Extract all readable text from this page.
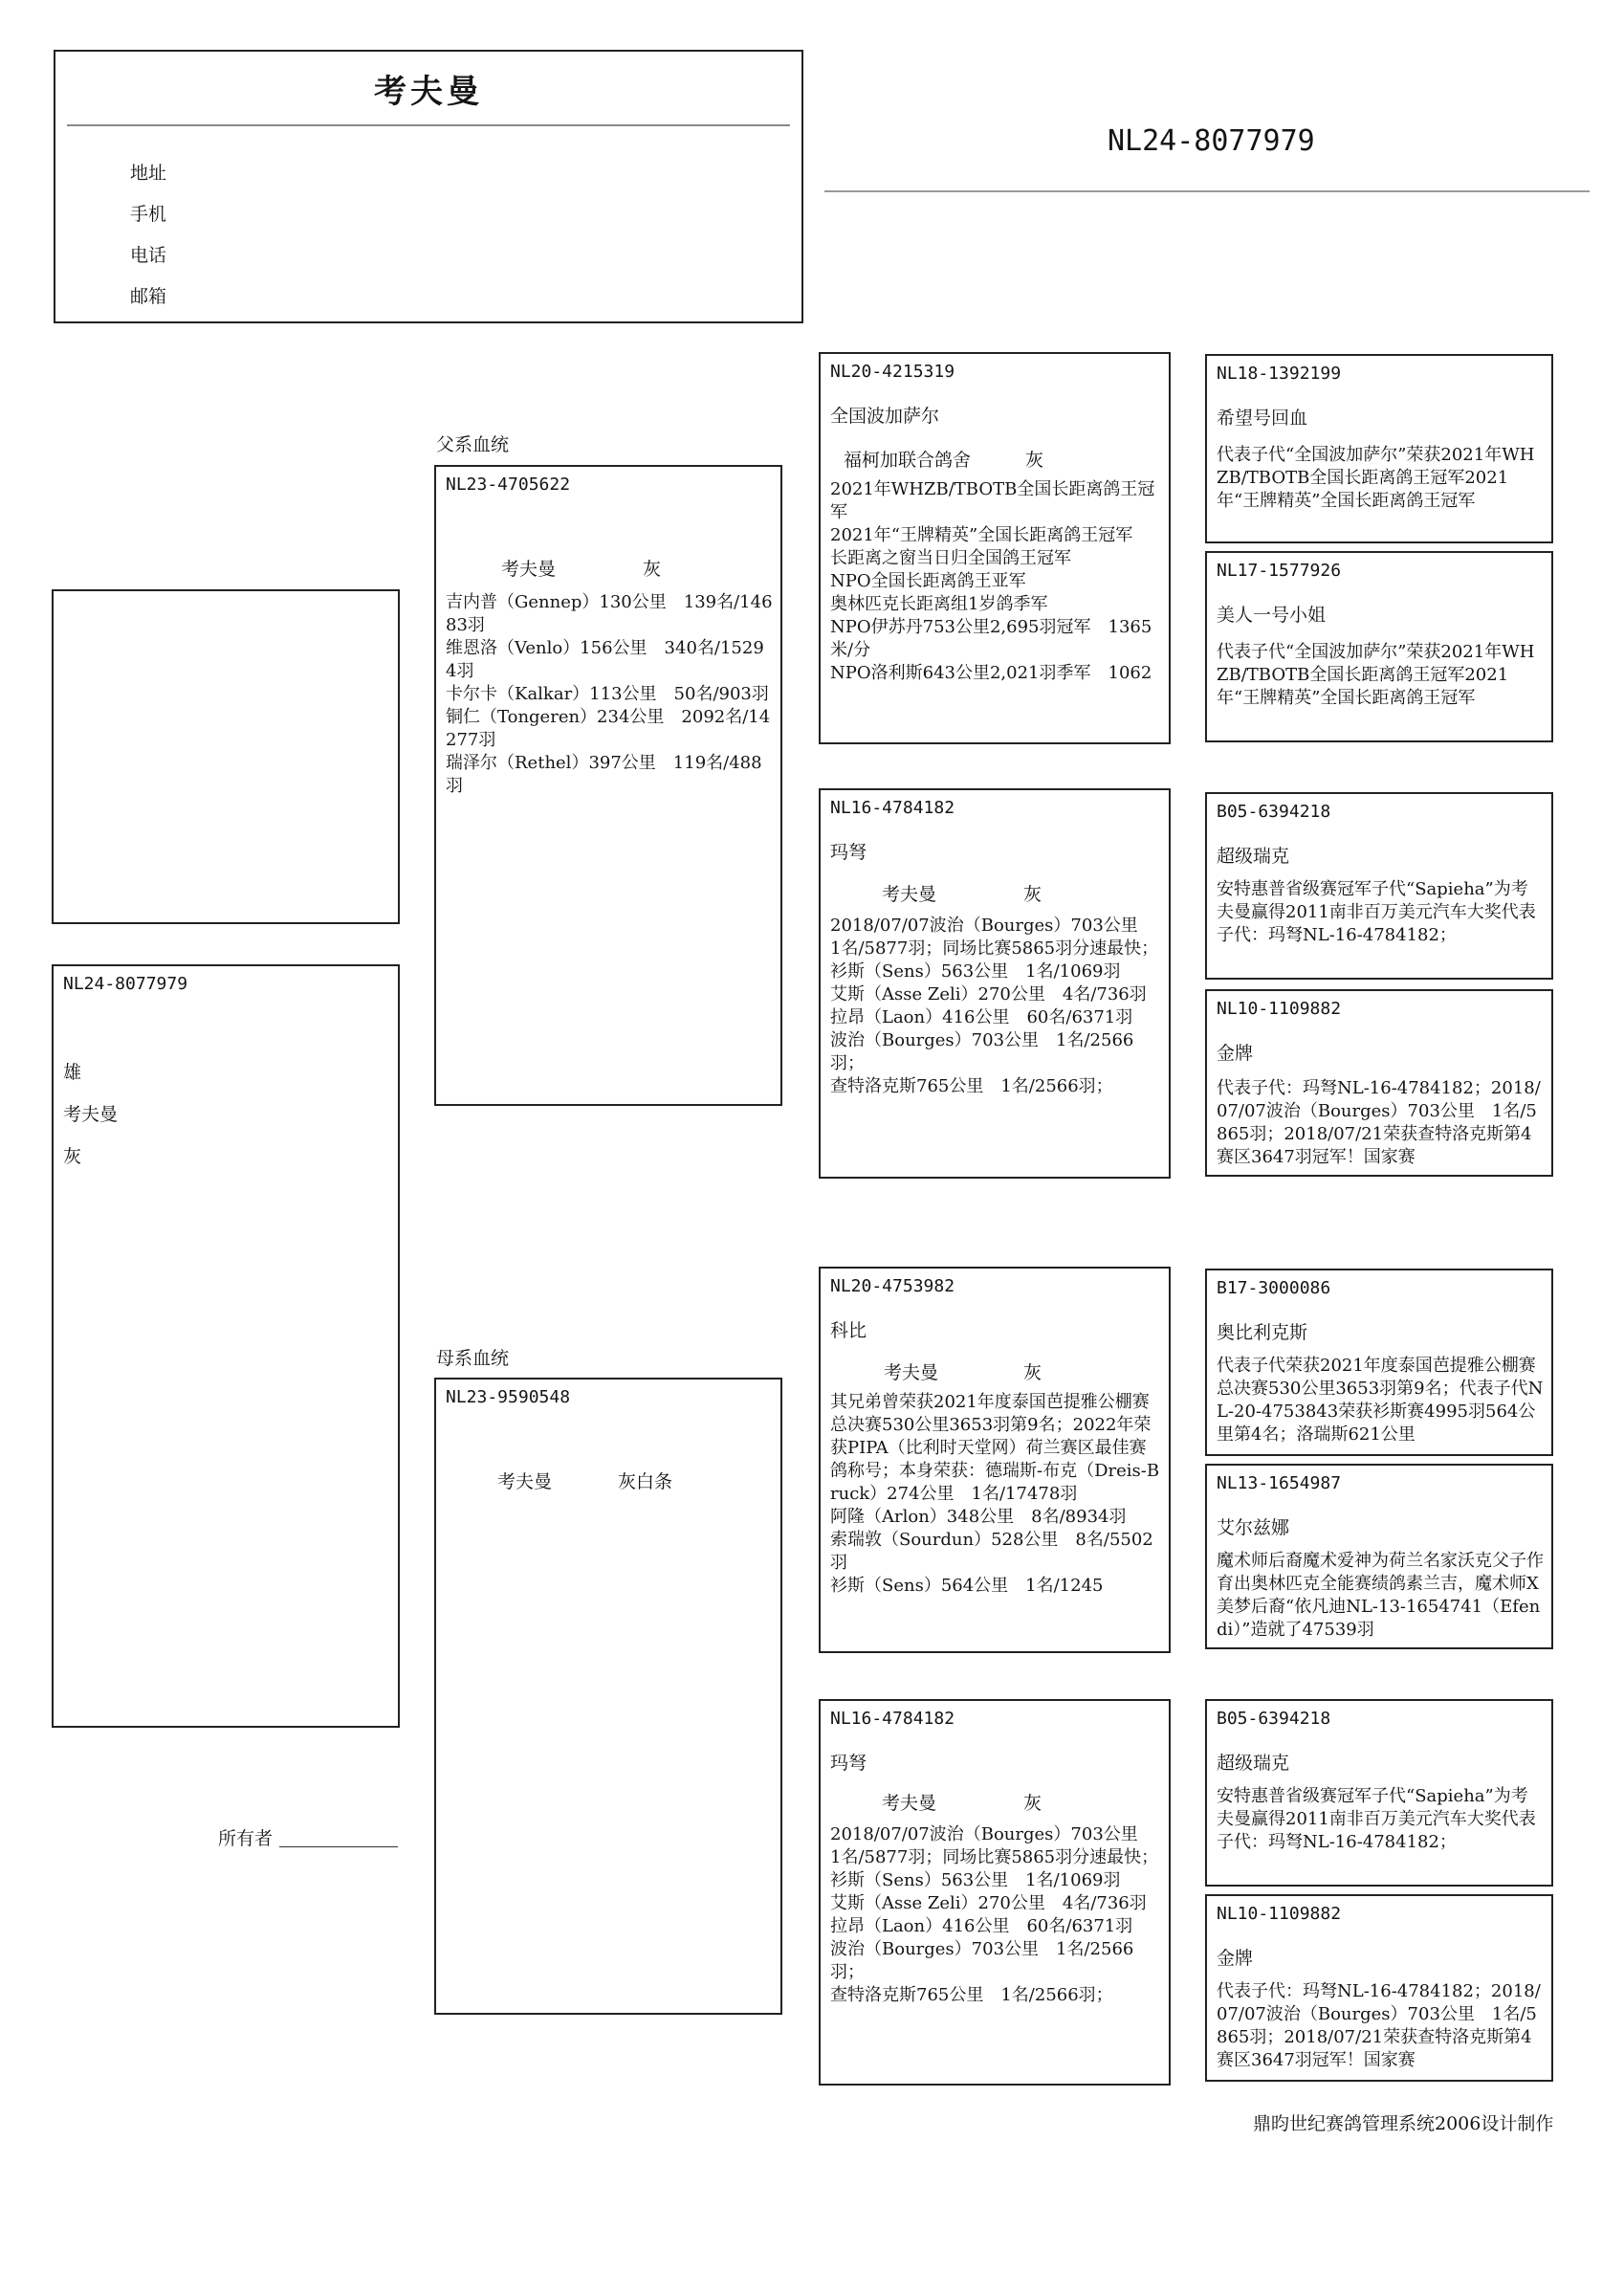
考夫曼
地址
手机
电话
邮箱
NL24-8077979
NL24-8077979
雄
考夫曼
灰
所有者
父系血统
NL23-4705622
考夫曼	灰
吉内普（Gennep）130公里　139名/14683羽
维恩洛（Venlo）156公里　340名/15294羽
卡尔卡（Kalkar）113公里　50名/903羽
铜仁（Tongeren）234公里　2092名/14277羽
瑞泽尔（Rethel）397公里　119名/488羽
母系血统
NL23-9590548
考夫曼	灰白条
NL20-4215319
全国波加萨尔
福柯加联合鸽舍	灰
2021年WHZB/TBOTB全国长距离鸽王冠军
2021年“王牌精英”全国长距离鸽王冠军
长距离之窗当日归全国鸽王冠军
NPO全国长距离鸽王亚军
奥林匹克长距离组1岁鸽季军
NPO伊苏丹753公里2,695羽冠军　1365米/分
NPO洛利斯643公里2,021羽季军　1062
NL16-4784182
玛弩
考夫曼	灰
2018/07/07波治（Bourges）703公里　1名/5877羽；同场比赛5865羽分速最快；
衫斯（Sens）563公里　1名/1069羽
艾斯（Asse Zeli）270公里　4名/736羽
拉昂（Laon）416公里　60名/6371羽
波治（Bourges）703公里　1名/2566羽；
查特洛克斯765公里　1名/2566羽；
NL20-4753982
科比
考夫曼	灰
其兄弟曾荣获2021年度泰国芭提雅公棚赛总决赛530公里3653羽第9名；2022年荣获PIPA（比利时天堂网）荷兰赛区最佳赛鸽称号；本身荣获：德瑞斯-布克（Dreis-Bruck）274公里　1名/17478羽
阿隆（Arlon）348公里　8名/8934羽
索瑞敦（Sourdun）528公里　8名/5502羽
衫斯（Sens）564公里　1名/1245
NL16-4784182
玛弩
考夫曼	灰
2018/07/07波治（Bourges）703公里　1名/5877羽；同场比赛5865羽分速最快；
衫斯（Sens）563公里　1名/1069羽
艾斯（Asse Zeli）270公里　4名/736羽
拉昂（Laon）416公里　60名/6371羽
波治（Bourges）703公里　1名/2566羽；
查特洛克斯765公里　1名/2566羽；
NL18-1392199
希望号回血
代表子代“全国波加萨尔”荣获2021年WHZB/TBOTB全国长距离鸽王冠军2021年“王牌精英”全国长距离鸽王冠军
NL17-1577926
美人一号小姐
代表子代“全国波加萨尔”荣获2021年WHZB/TBOTB全国长距离鸽王冠军2021年“王牌精英”全国长距离鸽王冠军
B05-6394218
超级瑞克
安特惠普省级赛冠军子代“Sapieha”为考夫曼赢得2011南非百万美元汽车大奖代表子代：玛弩NL-16-4784182；
NL10-1109882
金牌
代表子代：玛弩NL-16-4784182；2018/07/07波治（Bourges）703公里　1名/5865羽；2018/07/21荣获查特洛克斯第4赛区3647羽冠军！国家赛
B17-3000086
奥比利克斯
代表子代荣获2021年度泰国芭提雅公棚赛总决赛530公里3653羽第9名；代表子代NL-20-4753843荣获衫斯赛4995羽564公里第4名；洛瑞斯621公里
NL13-1654987
艾尔兹娜
魔术师后裔魔术爱神为荷兰名家沃克父子作育出奥林匹克全能赛绩鸽素兰吉，魔术师X美梦后裔“依凡迪NL-13-1654741（Efendi）”造就了47539羽
B05-6394218
超级瑞克
安特惠普省级赛冠军子代“Sapieha”为考夫曼赢得2011南非百万美元汽车大奖代表子代：玛弩NL-16-4784182；
NL10-1109882
金牌
代表子代：玛弩NL-16-4784182；2018/07/07波治（Bourges）703公里　1名/5865羽；2018/07/21荣获查特洛克斯第4赛区3647羽冠军！国家赛
鼎昀世纪赛鸽管理系统2006设计制作
